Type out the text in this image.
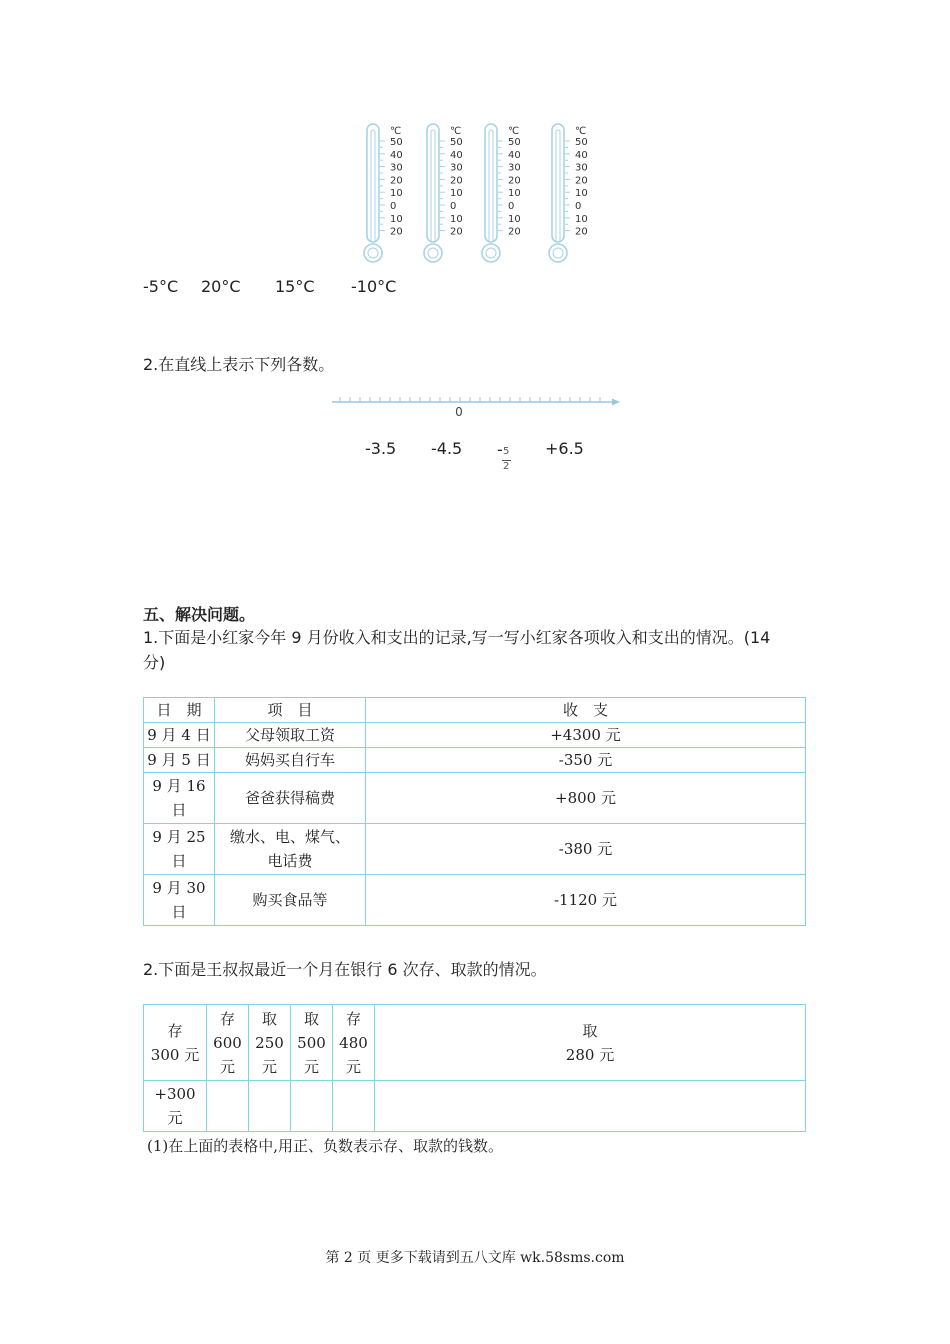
℃
50
40
30
20
10
0
10
20
℃
50
40
30
20
10
0
10
20
℃
50
40
30
20
10
0
10
20
℃
50
40
30
20
10
0
10
20
-5°C 20°C 15°C -10°C
2.在直线上表示下列各数。
0
-3.5 -4.5 - 5
2
+6.5
五、解决问题。
1.下面是小红家今年 9 月份收入和支出的记录,写一写小红家各项收入和支出的情况。(14
分)
日　期	项　目	收　支
9 月 4 日	父母领取工资	+4300 元
9 月 5 日	妈妈买自行车	-350 元
9 月 16
日	爸爸获得稿费	+800 元
9 月 25
日	缴水、电、煤气、
电话费	-380 元
9 月 30
日	购买食品等	-1120 元
2.下面是王叔叔最近一个月在银行 6 次存、取款的情况。
存
300 元	存
600
元	取
250
元	取
500
元	存
480
元	取
280 元
+300
元					
(1)在上面的表格中,用正、负数表示存、取款的钱数。
第 2 页 更多下载请到五八文库 wk.58sms.com
